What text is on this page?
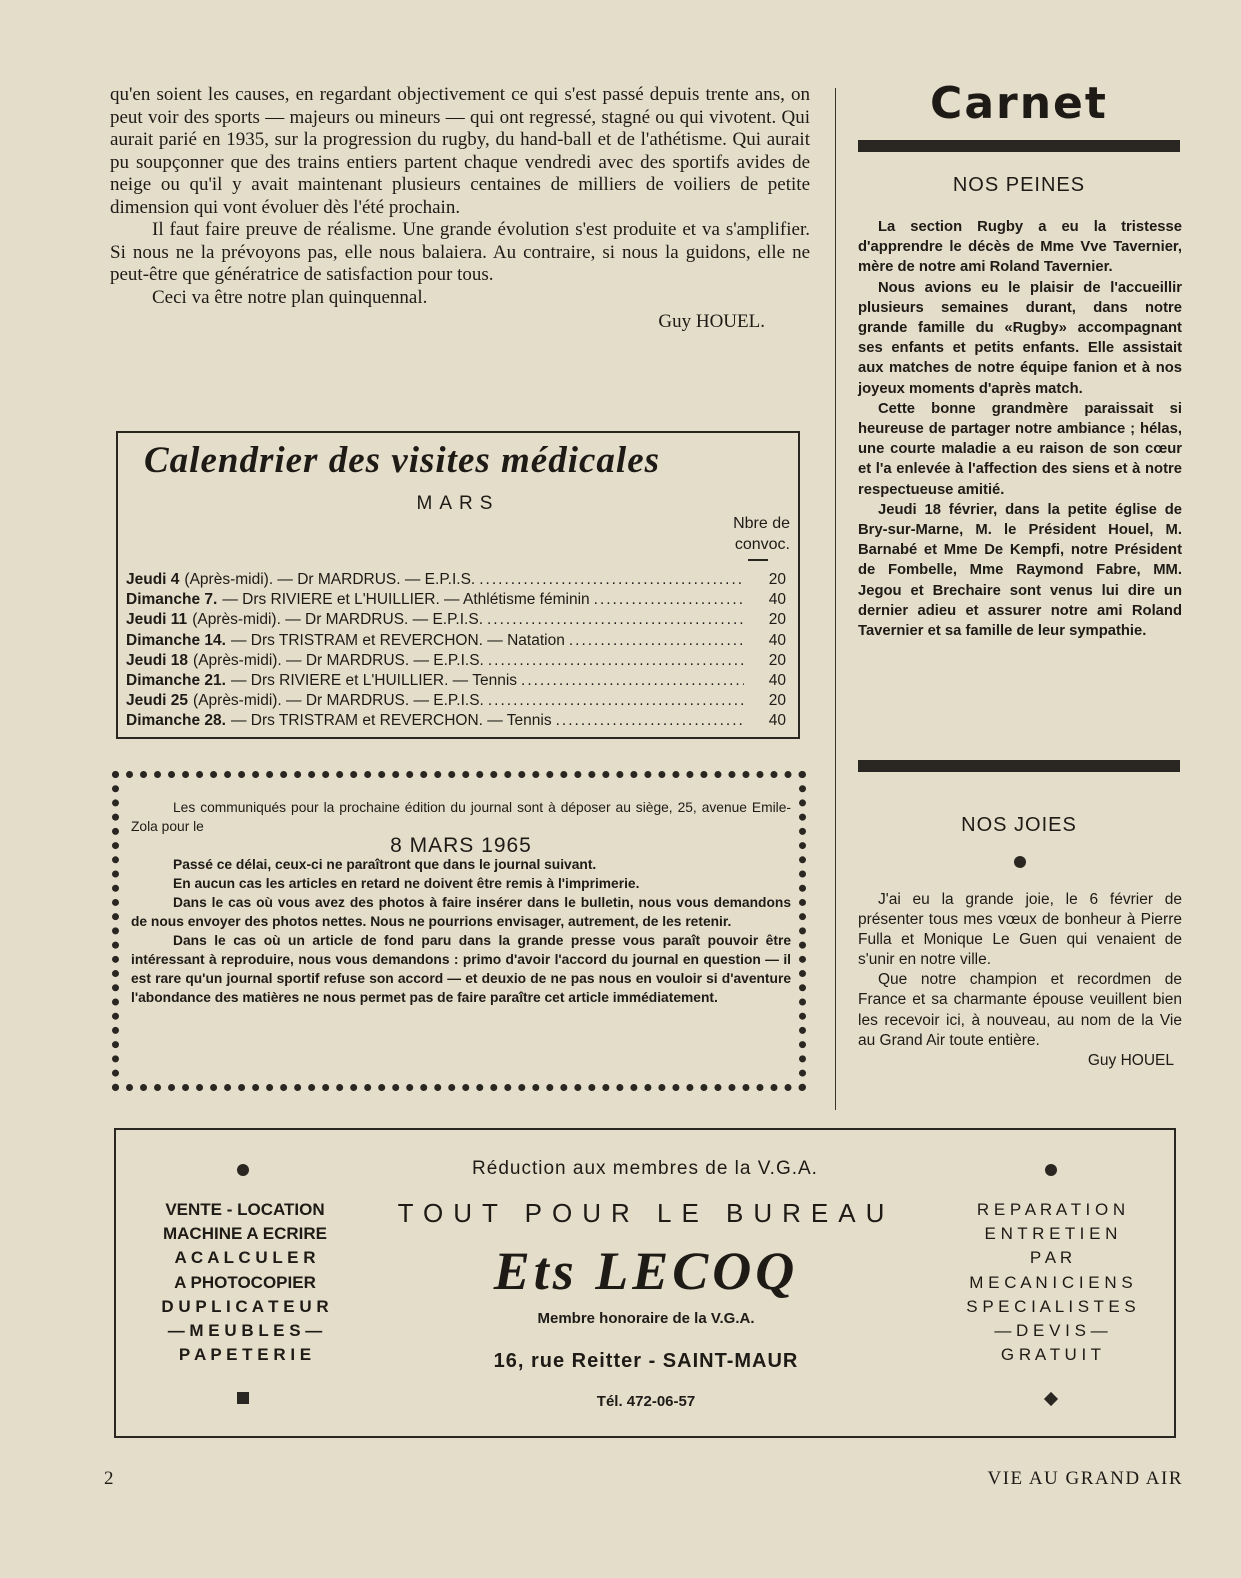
qu'en soient les causes, en regardant objectivement ce qui s'est passé depuis trente ans, on peut voir des sports — majeurs ou mineurs — qui ont regressé, stagné ou qui vivotent. Qui aurait parié en 1935, sur la progression du rugby, du hand-ball et de l'athétisme. Qui aurait pu soupçonner que des trains entiers partent chaque vendredi avec des sportifs avides de neige ou qu'il y avait maintenant plusieurs centaines de milliers de voiliers de petite dimension qui vont évoluer dès l'été prochain.

Il faut faire preuve de réalisme. Une grande évolution s'est produite et va s'amplifier. Si nous ne la prévoyons pas, elle nous balaiera. Au contraire, si nous la guidons, elle ne peut-être que génératrice de satisfaction pour tous.

Ceci va être notre plan quinquennal.

Guy HOUEL.

Calendrier des visites médicales
MARS
Nbre de
convoc.
Jeudi 4 (Après-midi). — Dr MARDRUS. — E.P.I.S. .....	20
Dimanche 7. — Drs RIVIERE et L'HUILLIER. — Athlétisme féminin .....	40
Jeudi 11 (Après-midi). — Dr MARDRUS. — E.P.I.S. .....	20
Dimanche 14. — Drs TRISTRAM et REVERCHON. — Natation .....	40
Jeudi 18 (Après-midi). — Dr MARDRUS. — E.P.I.S. .....	20
Dimanche 21. — Drs RIVIERE et L'HUILLIER. — Tennis .....	40
Jeudi 25 (Après-midi). — Dr MARDRUS. — E.P.I.S. .....	20
Dimanche 28. — Drs TRISTRAM et REVERCHON. — Tennis .....	40

Les communiqués pour la prochaine édition du journal sont à déposer au siège, 25, avenue Emile-Zola pour le

8 MARS 1965

Passé ce délai, ceux-ci ne paraîtront que dans le journal suivant.

En aucun cas les articles en retard ne doivent être remis à l'imprimerie.

Dans le cas où vous avez des photos à faire insérer dans le bulletin, nous vous demandons de nous envoyer des photos nettes. Nous ne pourrions envisager, autrement, de les retenir.

Dans le cas où un article de fond paru dans la grande presse vous paraît pouvoir être intéressant à reproduire, nous vous demandons : primo d'avoir l'accord du journal en question — il est rare qu'un journal sportif refuse son accord — et deuxio de ne pas nous en vouloir si d'aventure l'abondance des matières ne nous permet pas de faire paraître cet article immédiatement.

Carnet
NOS PEINES

La section Rugby a eu la tristesse d'apprendre le décès de Mme Vve Tavernier, mère de notre ami Roland Tavernier.

Nous avions eu le plaisir de l'accueillir plusieurs semaines durant, dans notre grande famille du «Rugby» accompagnant ses enfants et petits enfants. Elle assistait aux matches de notre équipe fanion et à nos joyeux moments d'après match.

Cette bonne grandmère paraissait si heureuse de partager notre ambiance ; hélas, une courte maladie a eu raison de son cœur et l'a enlevée à l'affection des siens et à notre respectueuse amitié.

Jeudi 18 février, dans la petite église de Bry-sur-Marne, M. le Président Houel, M. Barnabé et Mme De Kempfi, notre Président de Fombelle, Mme Raymond Fabre, MM. Jegou et Brechaire sont venus lui dire un dernier adieu et assurer notre ami Roland Tavernier et sa famille de leur sympathie.

NOS JOIES

J'ai eu la grande joie, le 6 février de présenter tous mes vœux de bonheur à Pierre Fulla et Monique Le Guen qui venaient de s'unir en notre ville.

Que notre champion et recordmen de France et sa charmante épouse veuillent bien les recevoir ici, à nouveau, au nom de la Vie au Grand Air toute entière.

Guy HOUEL

Réduction aux membres de la V.G.A.
VENTE - LOCATION
MACHINE A ECRIRE
A C A L C U L E R
A PHOTOCOPIER
D U P L I C A T E U R
— M E U B L E S —
P A P E T E R I E
TOUT POUR LE BUREAU
Ets LECOQ
Membre honoraire de la V.G.A.
16, rue Reitter - SAINT-MAUR
Tél. 472-06-57
R E P A R A T I O N
E N T R E T I E N
P A R
M E C A N I C I E N S
S P E C I A L I S T E S
— D E V I S —
G R A T U I T
2	VIE AU GRAND AIR
